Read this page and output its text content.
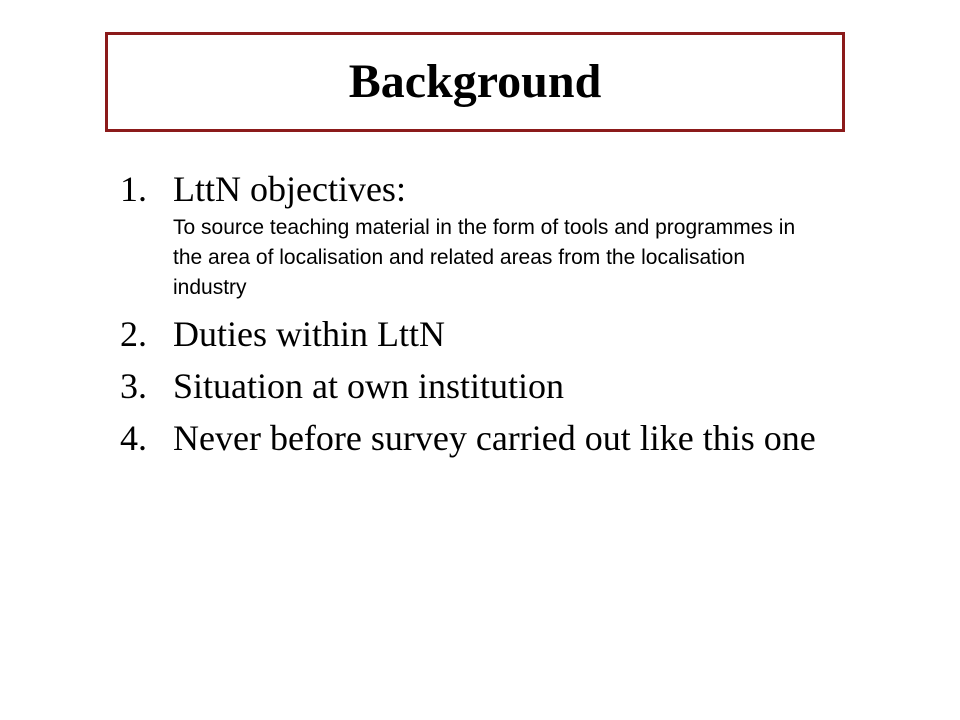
Background
1. LttN objectives:
To source teaching material in the form of tools and programmes in the area of localisation and related areas from the localisation industry
2. Duties within LttN
3. Situation at own institution
4. Never before survey carried out like this one
